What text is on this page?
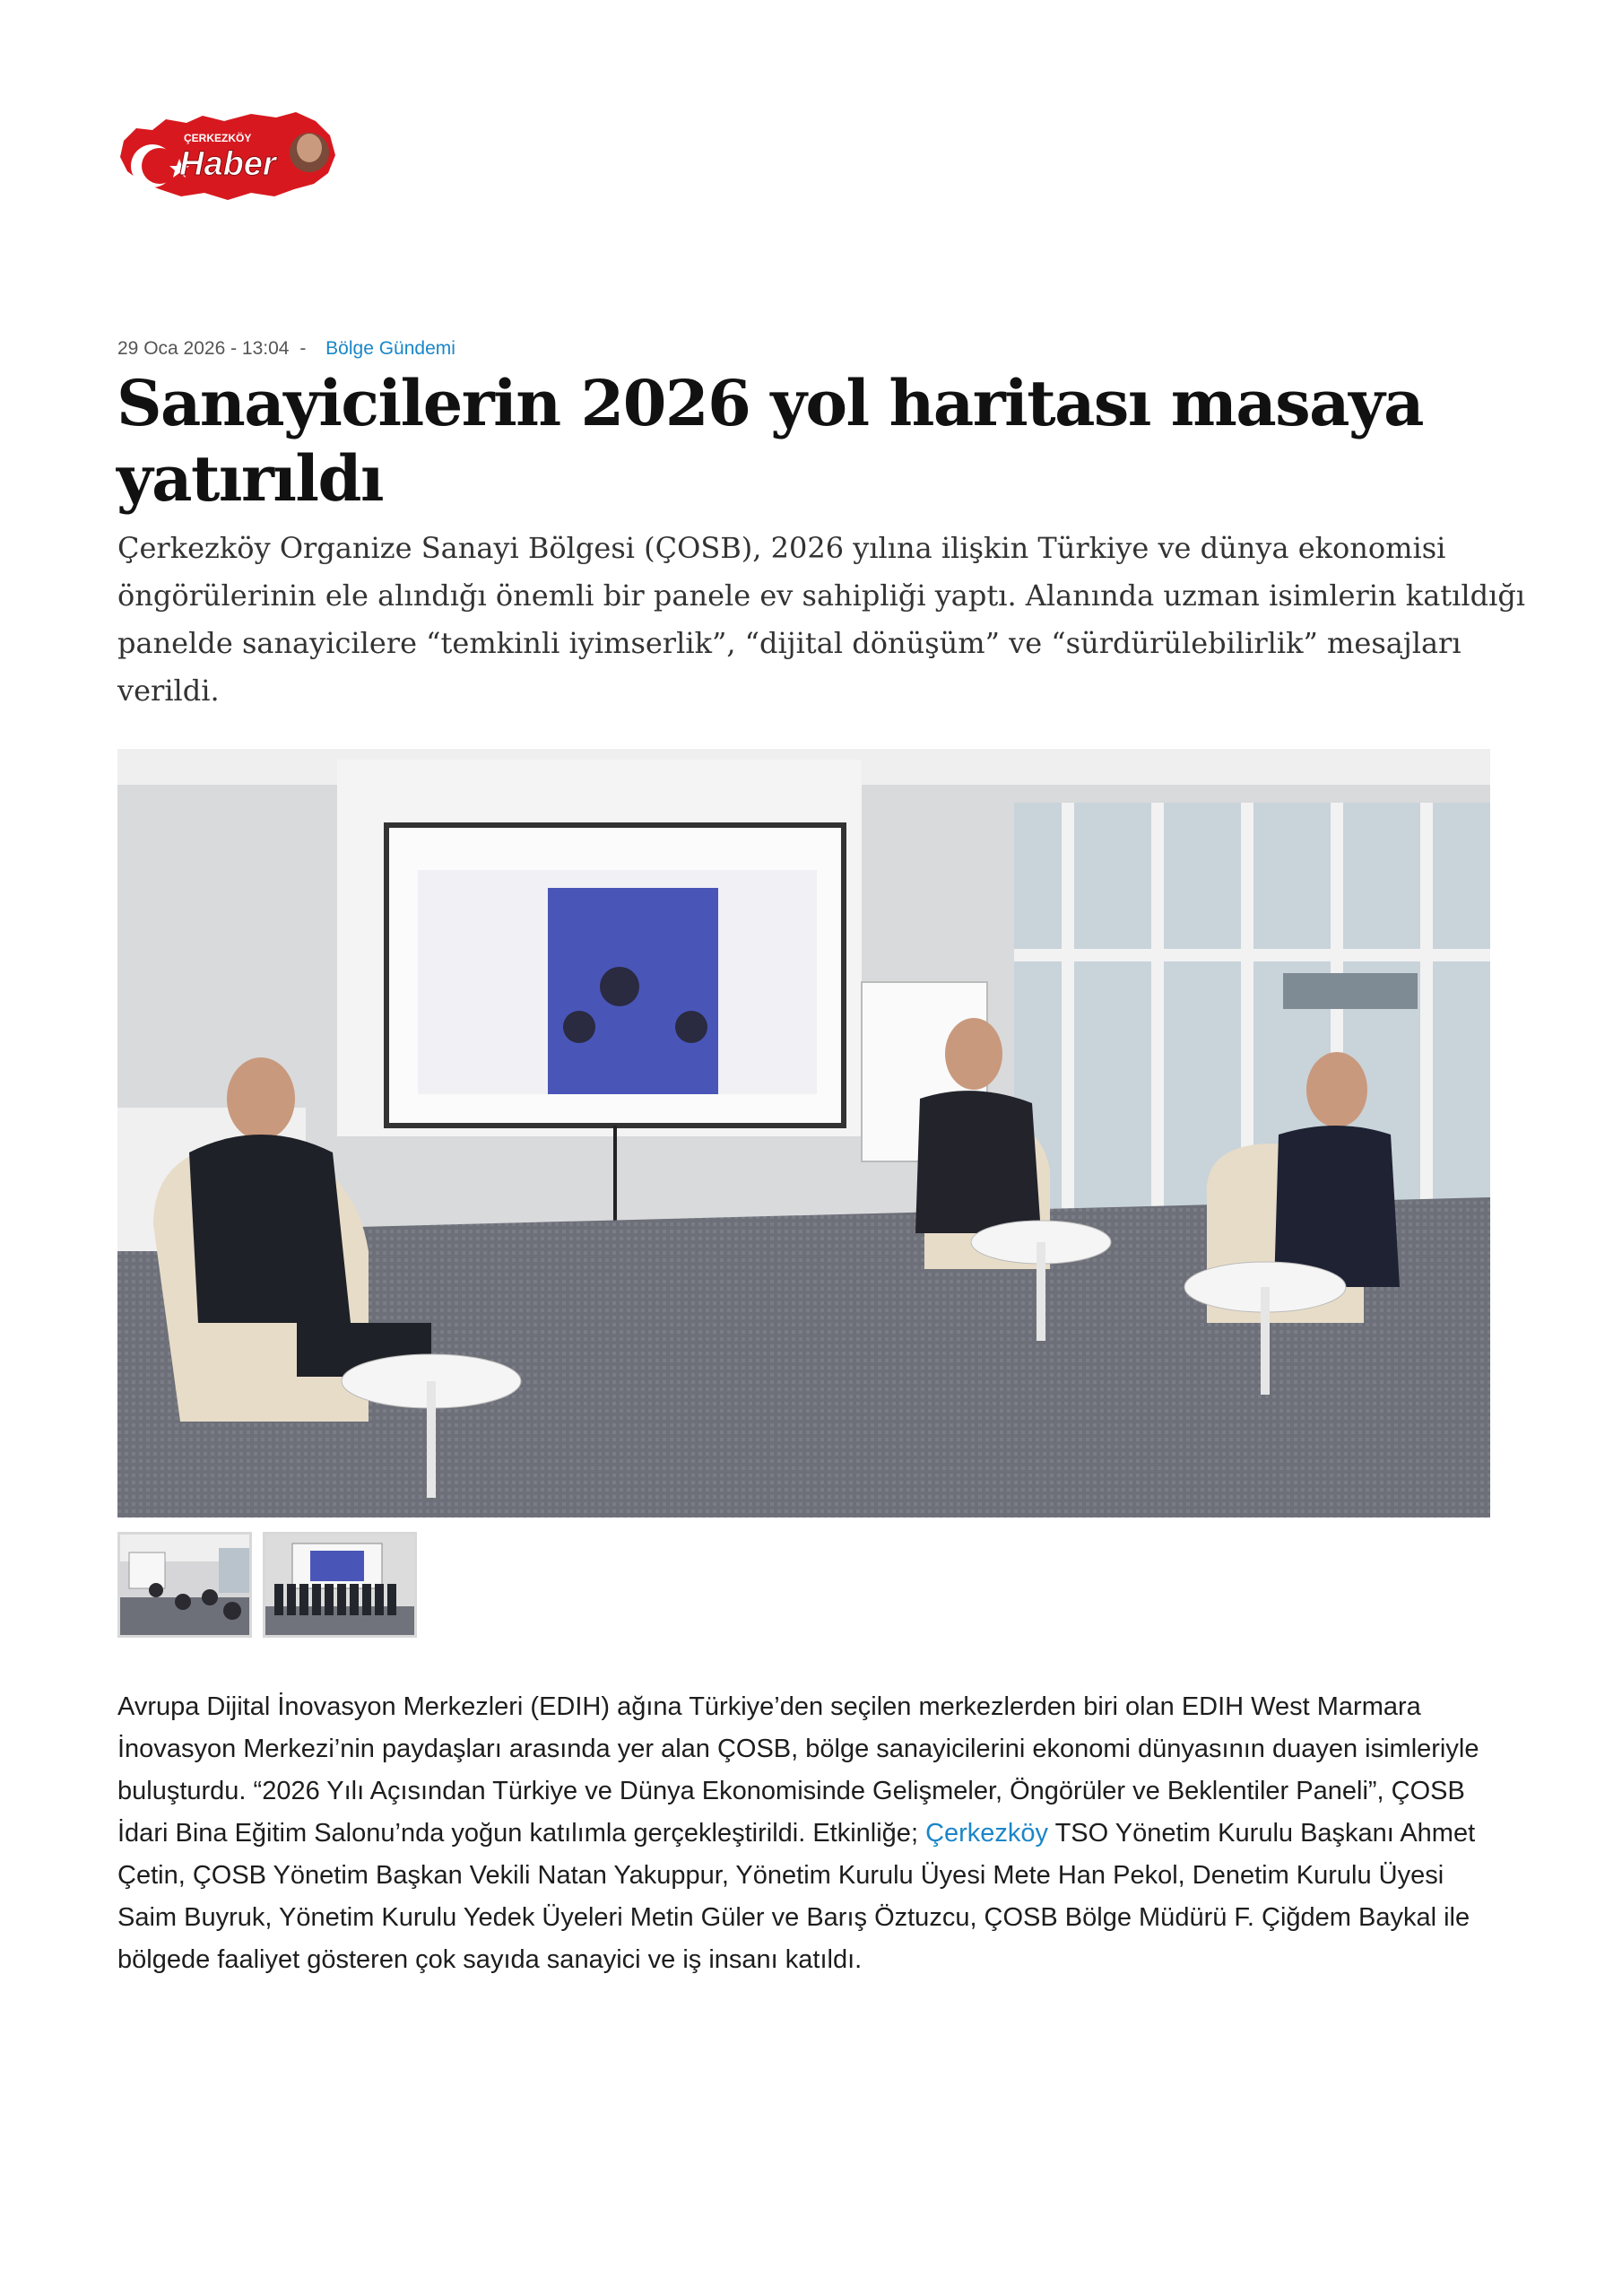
ÇERKEZKÖY
Haber
29 Oca 2026 - 13:04 - Bölge Gündemi
Sanayicilerin 2026 yol haritası masaya yatırıldı

Çerkezköy Organize Sanayi Bölgesi (ÇOSB), 2026 yılına ilişkin Türkiye ve dünya ekonomisi öngörülerinin ele alındığı önemli bir panele ev sahipliği yaptı. Alanında uzman isimlerin katıldığı panelde sanayicilere “temkinli iyimserlik”, “dijital dönüşüm” ve “sürdürülebilirlik” mesajları verildi.

Avrupa Dijital İnovasyon Merkezleri (EDIH) ağına Türkiye’den seçilen merkezlerden biri olan EDIH West Marmara İnovasyon Merkezi’nin paydaşları arasında yer alan ÇOSB, bölge sanayicilerini ekonomi dünyasının duayen isimleriyle buluşturdu. “2026 Yılı Açısından Türkiye ve Dünya Ekonomisinde Gelişmeler, Öngörüler ve Beklentiler Paneli”, ÇOSB İdari Bina Eğitim Salonu’nda yoğun katılımla gerçekleştirildi. Etkinliğe; Çerkezköy TSO Yönetim Kurulu Başkanı Ahmet Çetin, ÇOSB Yönetim Başkan Vekili Natan Yakuppur, Yönetim Kurulu Üyesi Mete Han Pekol, Denetim Kurulu Üyesi Saim Buyruk, Yönetim Kurulu Yedek Üyeleri Metin Güler ve Barış Öztuzcu, ÇOSB Bölge Müdürü F. Çiğdem Baykal ile bölgede faaliyet gösteren çok sayıda sanayici ve iş insanı katıldı.
